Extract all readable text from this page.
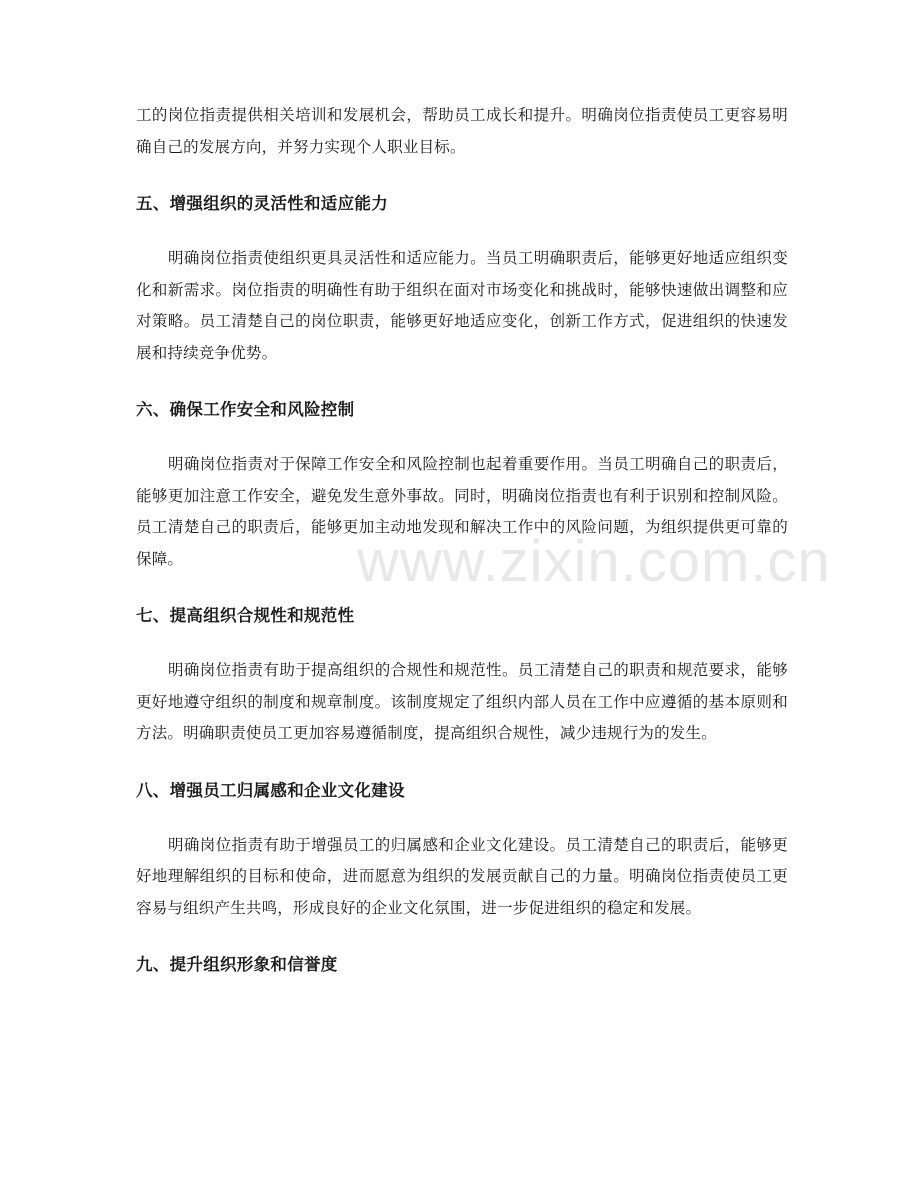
工的岗位指责提供相关培训和发展机会，帮助员工成长和提升。明确岗位指责使员工更容易明确自己的发展方向，并努力实现个人职业目标。

五、增强组织的灵活性和适应能力

明确岗位指责使组织更具灵活性和适应能力。当员工明确职责后，能够更好地适应组织变化和新需求。岗位指责的明确性有助于组织在面对市场变化和挑战时，能够快速做出调整和应对策略。员工清楚自己的岗位职责，能够更好地适应变化，创新工作方式，促进组织的快速发展和持续竞争优势。

六、确保工作安全和风险控制

明确岗位指责对于保障工作安全和风险控制也起着重要作用。当员工明确自己的职责后，能够更加注意工作安全，避免发生意外事故。同时，明确岗位指责也有利于识别和控制风险。员工清楚自己的职责后，能够更加主动地发现和解决工作中的风险问题，为组织提供更可靠的保障。

七、提高组织合规性和规范性

明确岗位指责有助于提高组织的合规性和规范性。员工清楚自己的职责和规范要求，能够更好地遵守组织的制度和规章制度。该制度规定了组织内部人员在工作中应遵循的基本原则和方法。明确职责使员工更加容易遵循制度，提高组织合规性，减少违规行为的发生。

八、增强员工归属感和企业文化建设

明确岗位指责有助于增强员工的归属感和企业文化建设。员工清楚自己的职责后，能够更好地理解组织的目标和使命，进而愿意为组织的发展贡献自己的力量。明确岗位指责使员工更容易与组织产生共鸣，形成良好的企业文化氛围，进一步促进组织的稳定和发展。

九、提升组织形象和信誉度
www.zixin.com.cn
